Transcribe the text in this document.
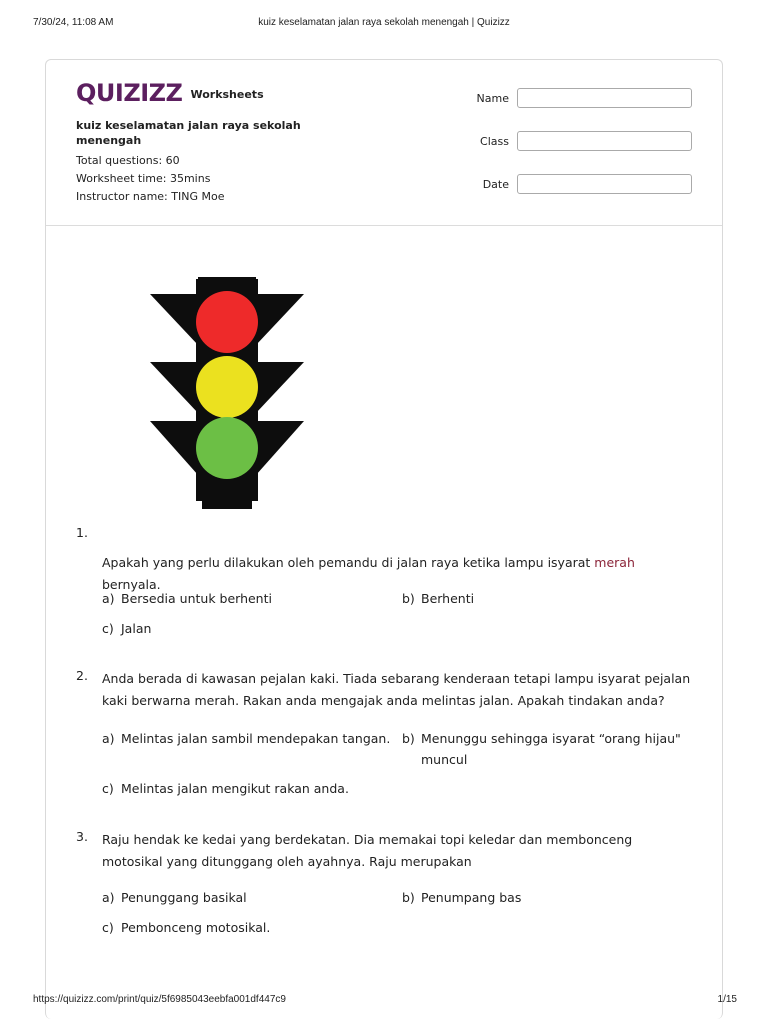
7/30/24, 11:08 AM	kuiz keselamatan jalan raya sekolah menengah | Quizizz
QUIZIZZ Worksheets
kuiz keselamatan jalan raya sekolah menengah
Total questions: 60
Worksheet time: 35mins
Instructor name: TING Moe
Name
Class
Date
1.
Apakah yang perlu dilakukan oleh pemandu di jalan raya ketika lampu isyarat merah bernyala.
a) Bersedia untuk berhenti	b) Berhenti
c) Jalan
2. Anda berada di kawasan pejalan kaki. Tiada sebarang kenderaan tetapi lampu isyarat pejalan kaki berwarna merah. Rakan anda mengajak anda melintas jalan. Apakah tindakan anda?
a) Melintas jalan sambil mendepakan tangan. b) Menunggu sehingga isyarat “orang hijau" muncul
c) Melintas jalan mengikut rakan anda.
3. Raju hendak ke kedai yang berdekatan. Dia memakai topi keledar dan membonceng motosikal yang ditunggang oleh ayahnya. Raju merupakan
a) Penunggang basikal	b) Penumpang bas
c) Pembonceng motosikal.
https://quizizz.com/print/quiz/5f6985043eebfa001df447c9	1/15
